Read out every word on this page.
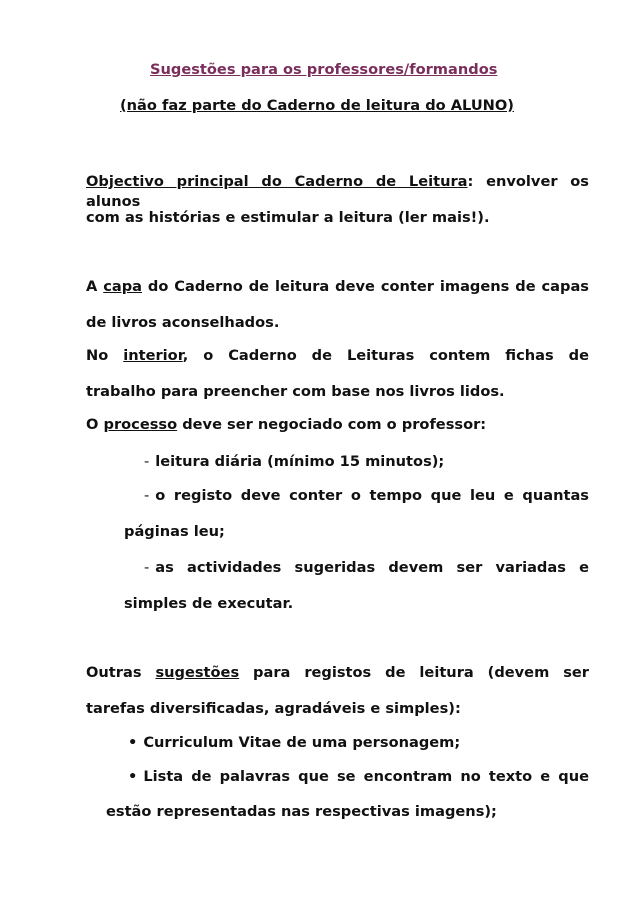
Sugestões para os professores/formandos
(não faz parte do Caderno de leitura do ALUNO)
Objectivo principal do Caderno de Leitura: envolver os alunos
com as histórias e estimular a leitura (ler mais!).
A capa do Caderno de leitura deve conter imagens de capas
de livros aconselhados.
No interior, o Caderno de Leituras contem fichas de
trabalho para preencher com base nos livros lidos.
O processo deve ser negociado com o professor:
- leitura diária (mínimo 15 minutos);
- o registo deve conter o tempo que leu e quantas
páginas leu;
- as actividades sugeridas devem ser variadas e
simples de executar.
Outras sugestões para registos de leitura (devem ser
tarefas diversificadas, agradáveis e simples):
• Curriculum Vitae de uma personagem;
• Lista de palavras que se encontram no texto e que
estão representadas nas respectivas imagens);
